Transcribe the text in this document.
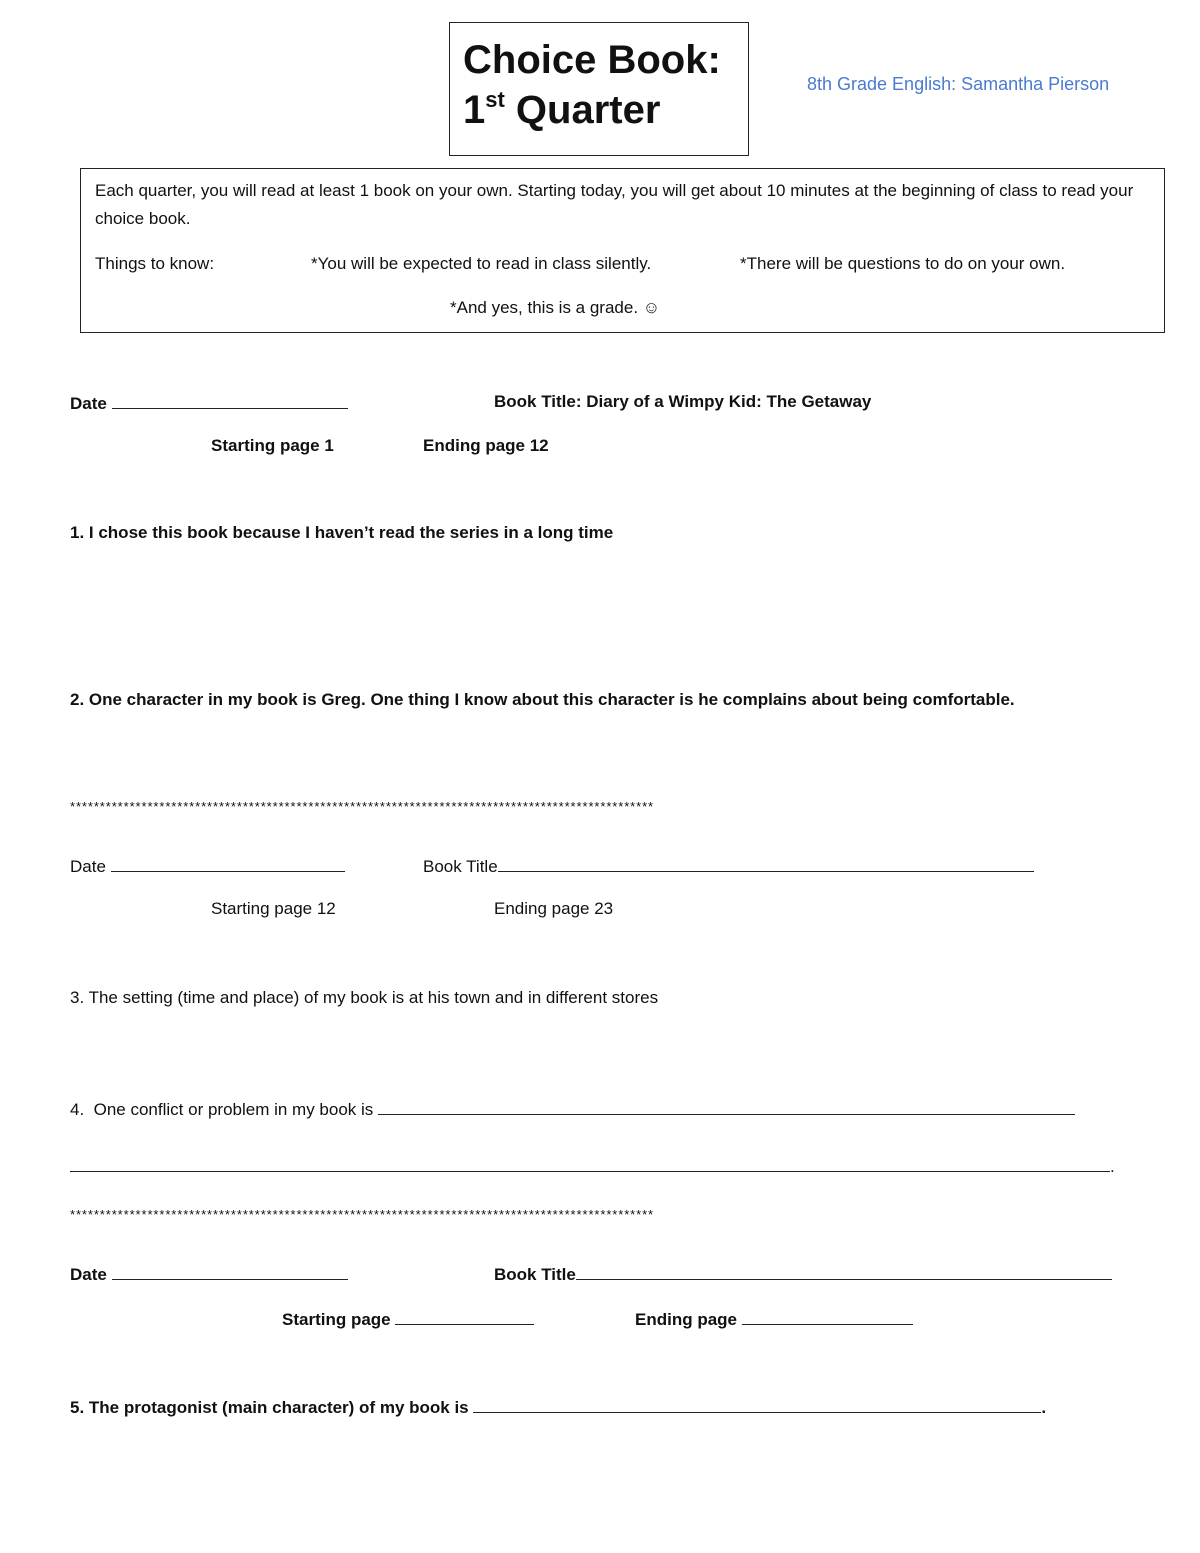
Choice Book:
1st Quarter
8th Grade English: Samantha Pierson
Each quarter, you will read at least 1 book on your own. Starting today, you will get about 10 minutes at the beginning of class to read your choice book.
Things to know:	*You will be expected to read in class silently.	*There will be questions to do on your own.
*And yes, this is a grade. ☺
Date	Book Title: Diary of a Wimpy Kid: The Getaway
Starting page 1	Ending page 12
1. I chose this book because I haven’t read the series in a long time
2. One character in my book is Greg. One thing I know about this character is he complains about being comfortable.
**************************************************************************************************
Date	Book Title
Starting page 12	Ending page 23
3. The setting (time and place) of my book is at his town and in different stores
4.  One conflict or problem in my book is
.
**************************************************************************************************
Date	Book Title
Starting page	Ending page
5. The protagonist (main character) of my book is	.
